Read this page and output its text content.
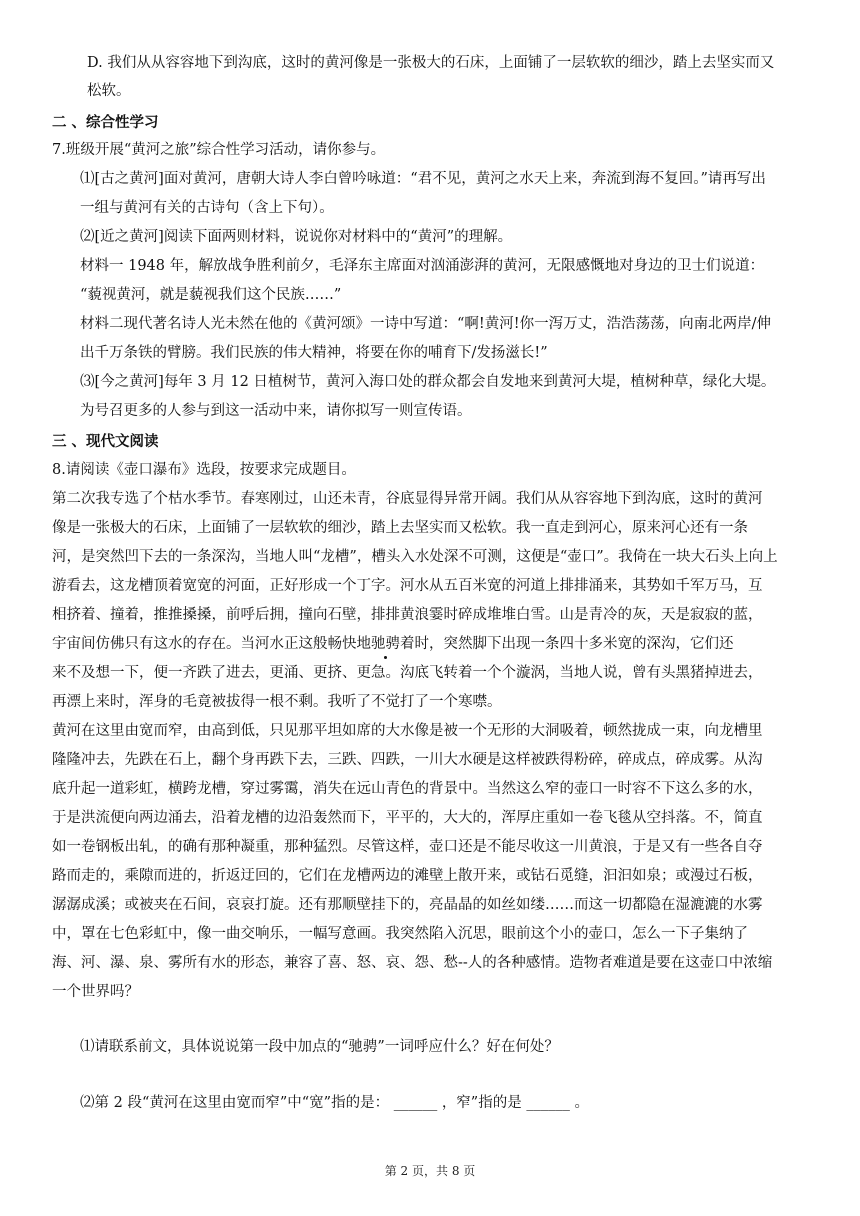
D. 我们从从容容地下到沟底，这时的黄河像是一张极大的石床，上面铺了一层软软的细沙，踏上去坚实而又
松软。
二 、综合性学习
7.班级开展“黄河之旅”综合性学习活动，请你参与。
⑴[古之黄河]面对黄河，唐朝大诗人李白曾吟咏道：“君不见，黄河之水天上来，奔流到海不复回。”请再写出
一组与黄河有关的古诗句（含上下句）。
⑵[近之黄河]阅读下面两则材料，说说你对材料中的“黄河”的理解。
材料一 1948 年，解放战争胜利前夕，毛泽东主席面对汹涌澎湃的黄河，无限感慨地对身边的卫士们说道：
“藐视黄河，就是藐视我们这个民族……”
材料二现代著名诗人光未然在他的《黄河颂》一诗中写道：“啊!黄河!你一泻万丈，浩浩荡荡，向南北两岸/伸
出千万条铁的臂膀。我们民族的伟大精神，将要在你的哺育下/发扬滋长!”
⑶[今之黄河]每年 3 月 12 日植树节，黄河入海口处的群众都会自发地来到黄河大堤，植树种草，绿化大堤。
为号召更多的人参与到这一活动中来，请你拟写一则宣传语。
三 、现代文阅读
8.请阅读《壶口瀑布》选段，按要求完成题目。
第二次我专选了个枯水季节。春寒刚过，山还未青，谷底显得异常开阔。我们从从容容地下到沟底，这时的黄河
像是一张极大的石床，上面铺了一层软软的细沙，踏上去坚实而又松软。我一直走到河心，原来河心还有一条
河，是突然凹下去的一条深沟，当地人叫“龙槽”，槽头入水处深不可测，这便是“壶口”。我倚在一块大石头上向上
游看去，这龙槽顶着宽宽的河面，正好形成一个丁字。河水从五百米宽的河道上排排涌来，其势如千军万马，互
相挤着、撞着，推推搡搡，前呼后拥，撞向石壁，排排黄浪霎时碎成堆堆白雪。山是青冷的灰，天是寂寂的蓝，
宇宙间仿佛只有这水的存在。当河水正这般畅快地驰骋着时，突然脚下出现一条四十多米宽的深沟，它们还
来不及想一下，便一齐跌了进去，更涌、更挤、更急。沟底飞转着一个个漩涡，当地人说，曾有头黑猪掉进去，
再漂上来时，浑身的毛竟被拔得一根不剩。我听了不觉打了一个寒噤。
黄河在这里由宽而窄，由高到低，只见那平坦如席的大水像是被一个无形的大洞吸着，顿然拢成一束，向龙槽里
隆隆冲去，先跌在石上，翻个身再跌下去，三跌、四跌，一川大水硬是这样被跌得粉碎，碎成点，碎成雾。从沟
底升起一道彩虹，横跨龙槽，穿过雾霭，消失在远山青色的背景中。当然这么窄的壶口一时容不下这么多的水，
于是洪流便向两边涌去，沿着龙槽的边沿轰然而下，平平的，大大的，浑厚庄重如一卷飞毯从空抖落。不，简直
如一卷钢板出轧，的确有那种凝重，那种猛烈。尽管这样，壶口还是不能尽收这一川黄浪，于是又有一些各自夺
路而走的，乘隙而进的，折返迂回的，它们在龙槽两边的滩壁上散开来，或钻石觅缝，汩汩如泉；或漫过石板，
潺潺成溪；或被夹在石间，哀哀打旋。还有那顺壁挂下的，亮晶晶的如丝如缕……而这一切都隐在湿漉漉的水雾
中，罩在七色彩虹中，像一曲交响乐，一幅写意画。我突然陷入沉思，眼前这个小的壶口，怎么一下子集纳了
海、河、瀑、泉、雾所有水的形态，兼容了喜、怒、哀、怨、愁--人的各种感情。造物者难道是要在这壶口中浓缩
一个世界吗？
⑴请联系前文，具体说说第一段中加点的“驰骋”一词呼应什么？好在何处？
⑵第 2 段“黄河在这里由宽而窄”中“宽”指的是： ______ ，窄”指的是 ______ 。
第 2 页，共 8 页
